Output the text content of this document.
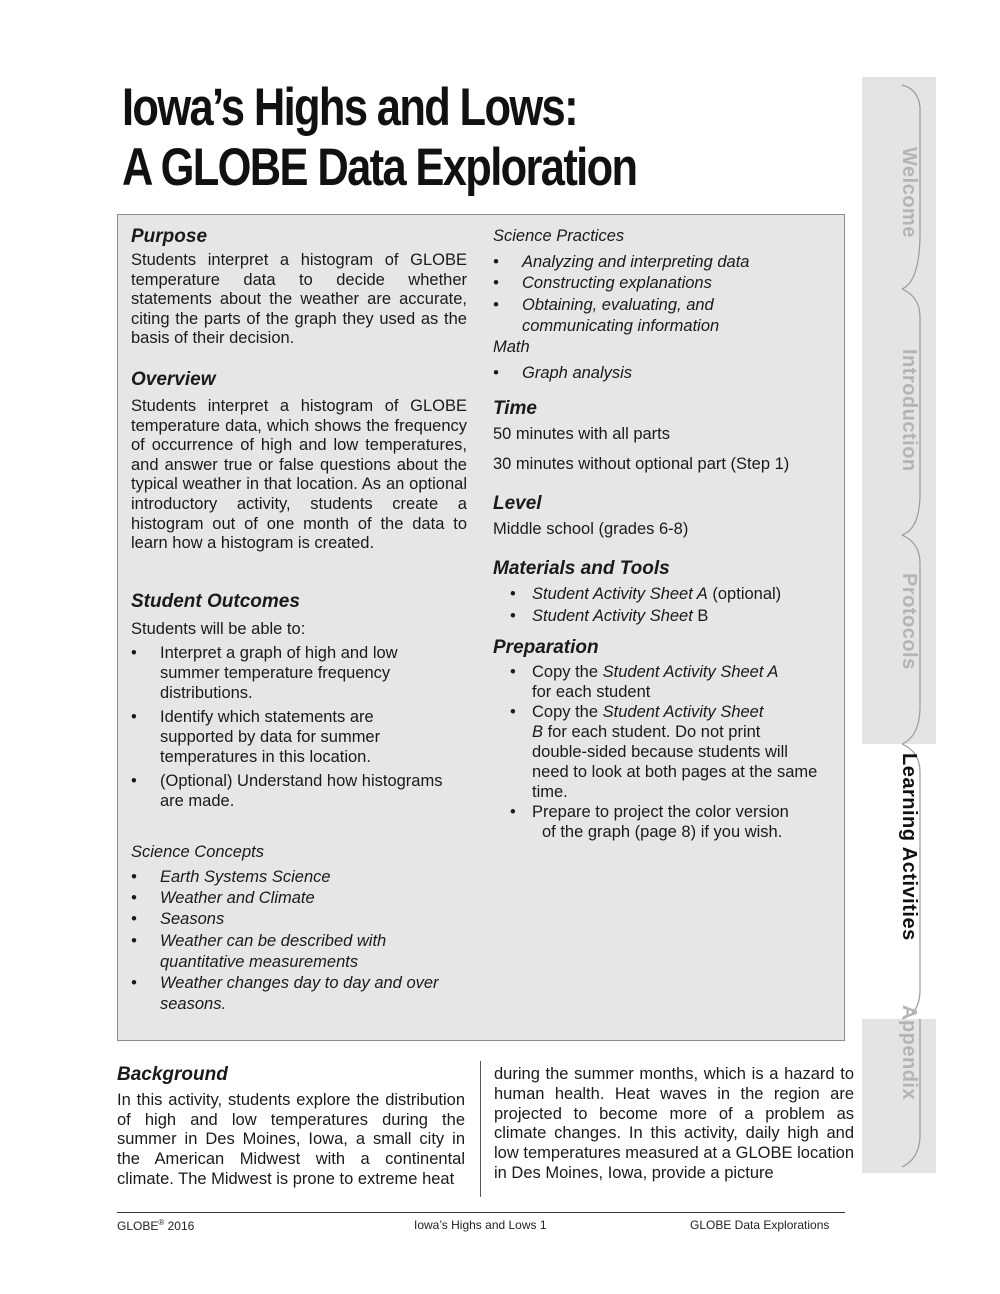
Iowa’s Highs and Lows:
A GLOBE Data Exploration
Purpose
Students interpret a histogram of GLOBE temperature data to decide whether statements about the weather are accurate, citing the parts of the graph they used as the basis of their decision.
Overview
Students interpret a histogram of GLOBE temperature data, which shows the frequency of occurrence of high and low temperatures, and answer true or false questions about the typical weather in that location. As an optional introductory activity, students create a histogram out of one month of the data to learn how a histogram is created.
Student Outcomes
Students will be able to:
•	Interpret a graph of high and low summer temperature frequency distributions.
•	Identify which statements are supported by data for summer temperatures in this location.
•	(Optional) Understand how histograms are made.
Science Concepts
•	Earth Systems Science
•	Weather and Climate
•	Seasons
•	Weather can be described with quantitative measurements
•	Weather changes day to day and over seasons.
Science Practices
•	Analyzing and interpreting data
•	Constructing explanations
•	Obtaining, evaluating, and communicating information
Math
•	Graph analysis
Time
50 minutes with all parts
30 minutes without optional part (Step 1)
Level
Middle school (grades 6-8)
Materials and Tools
• Student Activity Sheet A (optional)
• Student Activity Sheet B
Preparation
• Copy the Student Activity Sheet A
for each student
• Copy the Student Activity Sheet
B for each student. Do not print double-sided because students will need to look at both pages at the same time.
• Prepare to project the color version
of the graph (page 8) if you wish.
Background
In this activity, students explore the distribution of high and low temperatures during the summer in Des Moines, Iowa, a small city in the American Midwest with a continental climate. The Midwest is prone to extreme heat
during the summer months, which is a hazard to human health. Heat waves in the region are projected to become more of a problem as climate changes. In this activity, daily high and low temperatures measured at a GLOBE location in Des Moines, Iowa, provide a picture
GLOBE® 2016	Iowa’s Highs and Lows 1	GLOBE Data Explorations
Welcome
Introduction
Protocols
Learning Activities
Appendix
